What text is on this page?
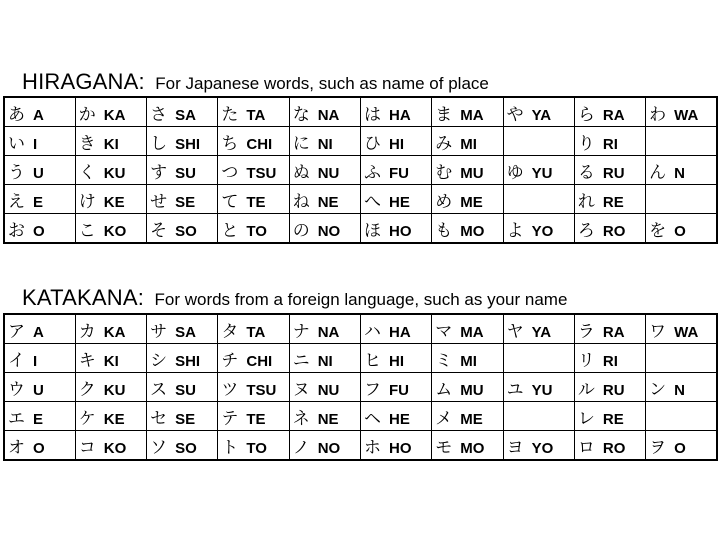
HIRAGANA: For Japanese words, such as name of place
あ A	か KA	さ SA	た TA	な NA	は HA	ま MA	や YA	ら RA	わ WA
い I	き KI	し SHI	ち CHI	に NI	ひ HI	み MI		り RI	
う U	く KU	す SU	つ TSU	ぬ NU	ふ FU	む MU	ゆ YU	る RU	ん N
え E	け KE	せ SE	て TE	ね NE	へ HE	め ME		れ RE	
お O	こ KO	そ SO	と TO	の NO	ほ HO	も MO	よ YO	ろ RO	を O
KATAKANA: For words from a foreign language, such as your name
ア A	カ KA	サ SA	タ TA	ナ NA	ハ HA	マ MA	ヤ YA	ラ RA	ワ WA
イ I	キ KI	シ SHI	チ CHI	ニ NI	ヒ HI	ミ MI		リ RI	
ウ U	ク KU	ス SU	ツ TSU	ヌ NU	フ FU	ム MU	ユ YU	ル RU	ン N
エ E	ケ KE	セ SE	テ TE	ネ NE	ヘ HE	メ ME		レ RE	
オ O	コ KO	ソ SO	ト TO	ノ NO	ホ HO	モ MO	ヨ YO	ロ RO	ヲ O
